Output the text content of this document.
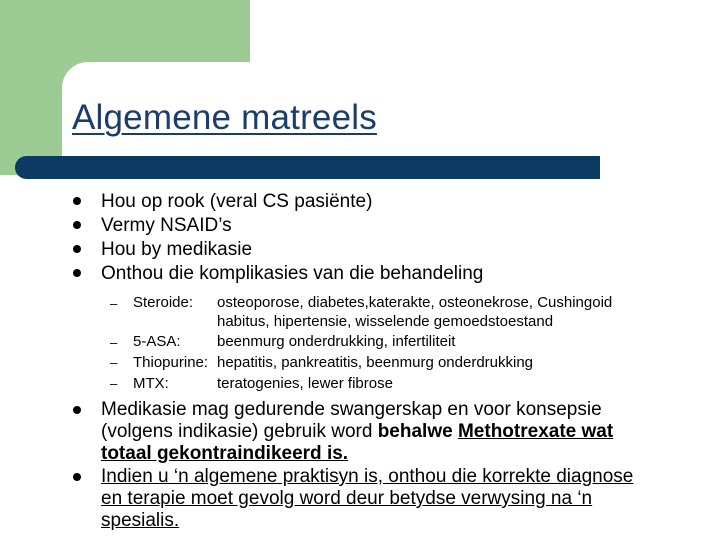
Algemene matreels
Hou op rook (veral CS pasiënte)
Vermy NSAID’s
Hou by medikasie
Onthou die komplikasies van die behandeling
– Steroide: osteoporose, diabetes,katerakte, osteonekrose, Cushingoid
habitus, hipertensie, wisselende gemoedstoestand
– 5-ASA: beenmurg onderdrukking, infertiliteit
– Thiopurine: hepatitis, pankreatitis, beenmurg onderdrukking
– MTX:	teratogenies, lewer fibrose
Medikasie mag gedurende swangerskap en voor konsepsie
(volgens indikasie) gebruik word behalwe Methotrexate wat
totaal gekontraindikeerd is.
Indien u ‘n algemene praktisyn is, onthou die korrekte diagnose
en terapie moet gevolg word deur betydse verwysing na ‘n
spesialis.
